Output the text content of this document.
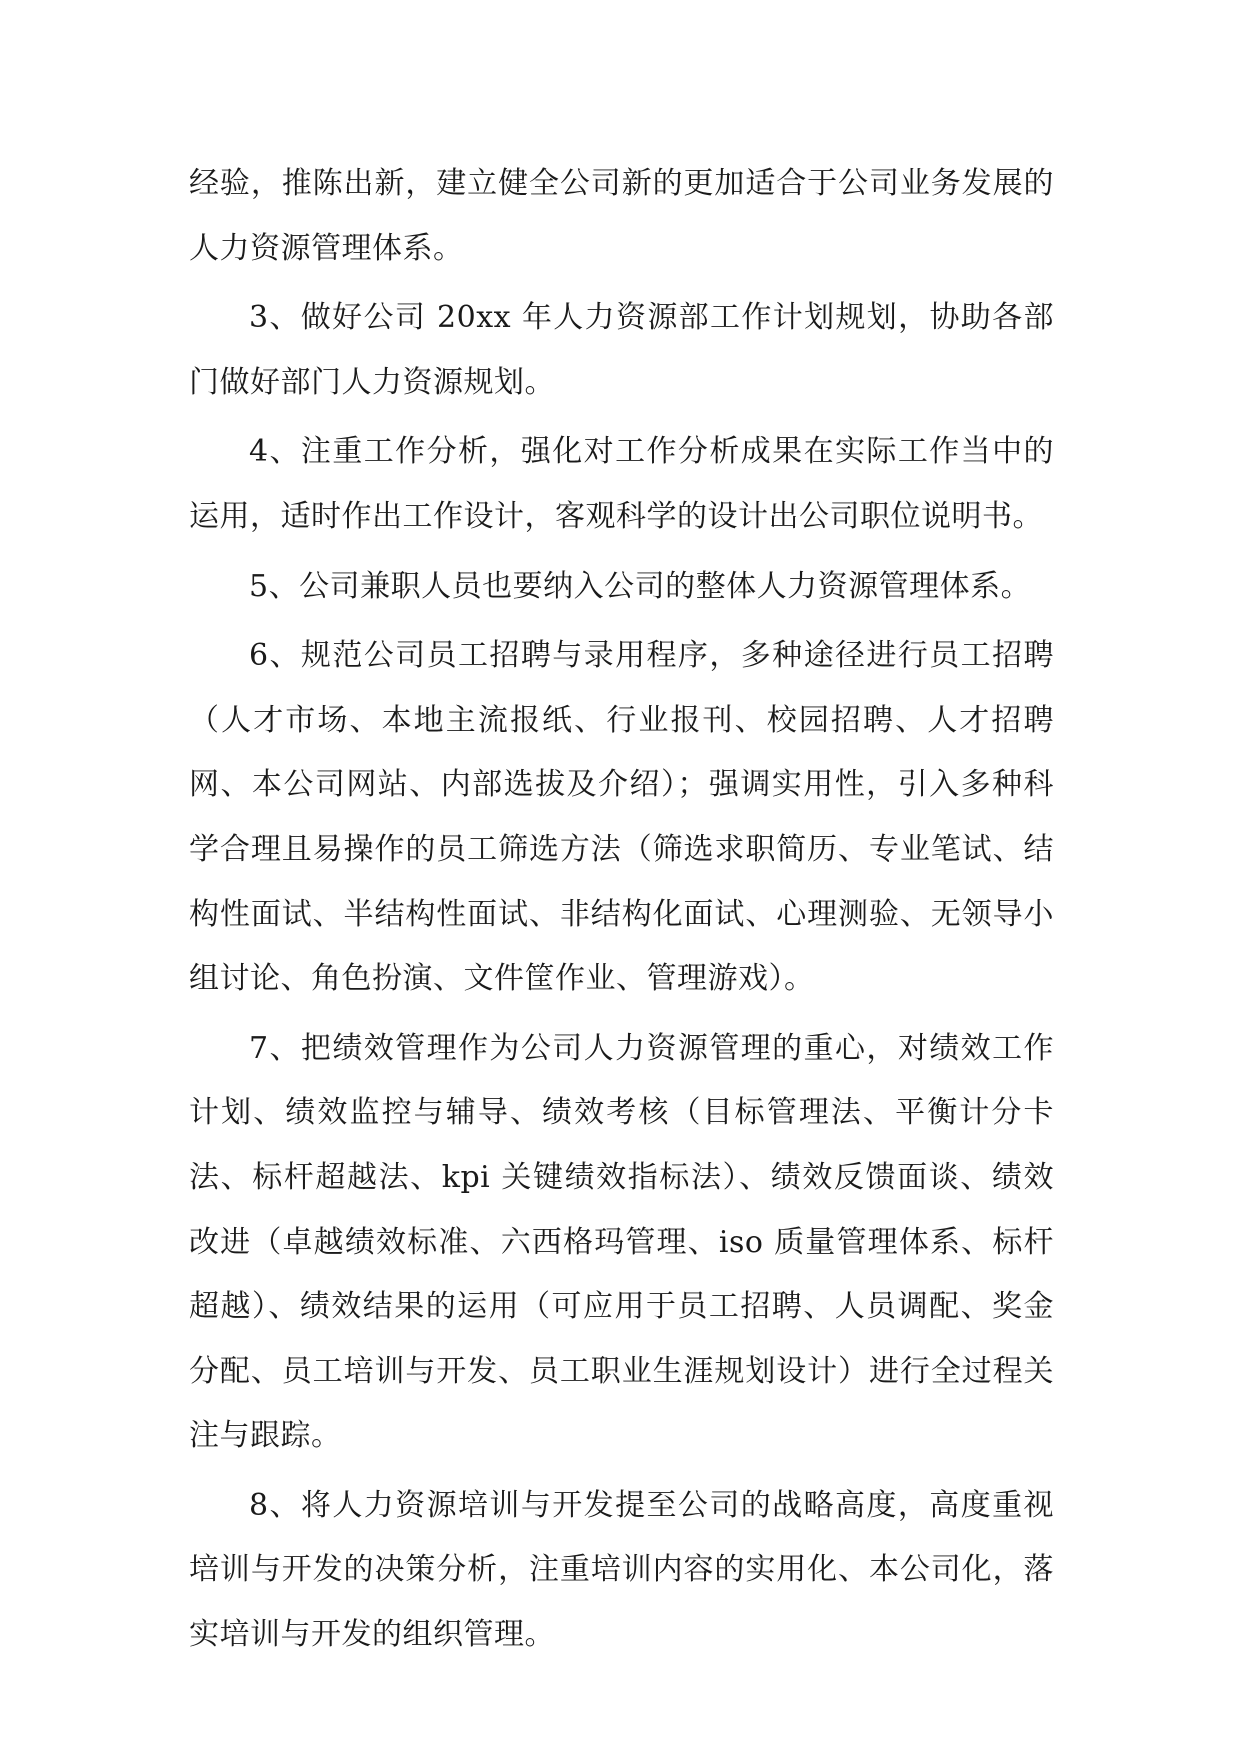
经验，推陈出新，建立健全公司新的更加适合于公司业务发展的人力资源管理体系。

3、做好公司 20xx 年人力资源部工作计划规划，协助各部门做好部门人力资源规划。

4、注重工作分析，强化对工作分析成果在实际工作当中的运用，适时作出工作设计，客观科学的设计出公司职位说明书。

5、公司兼职人员也要纳入公司的整体人力资源管理体系。

6、规范公司员工招聘与录用程序，多种途径进行员工招聘（人才市场、本地主流报纸、行业报刊、校园招聘、人才招聘网、本公司网站、内部选拔及介绍）；强调实用性，引入多种科学合理且易操作的员工筛选方法（筛选求职简历、专业笔试、结构性面试、半结构性面试、非结构化面试、心理测验、无领导小组讨论、角色扮演、文件筐作业、管理游戏）。

7、把绩效管理作为公司人力资源管理的重心，对绩效工作计划、绩效监控与辅导、绩效考核（目标管理法、平衡计分卡法、标杆超越法、kpi 关键绩效指标法）、绩效反馈面谈、绩效改进（卓越绩效标准、六西格玛管理、iso 质量管理体系、标杆超越）、绩效结果的运用（可应用于员工招聘、人员调配、奖金分配、员工培训与开发、员工职业生涯规划设计）进行全过程关注与跟踪。

8、将人力资源培训与开发提至公司的战略高度，高度重视培训与开发的决策分析，注重培训内容的实用化、本公司化，落实培训与开发的组织管理。
